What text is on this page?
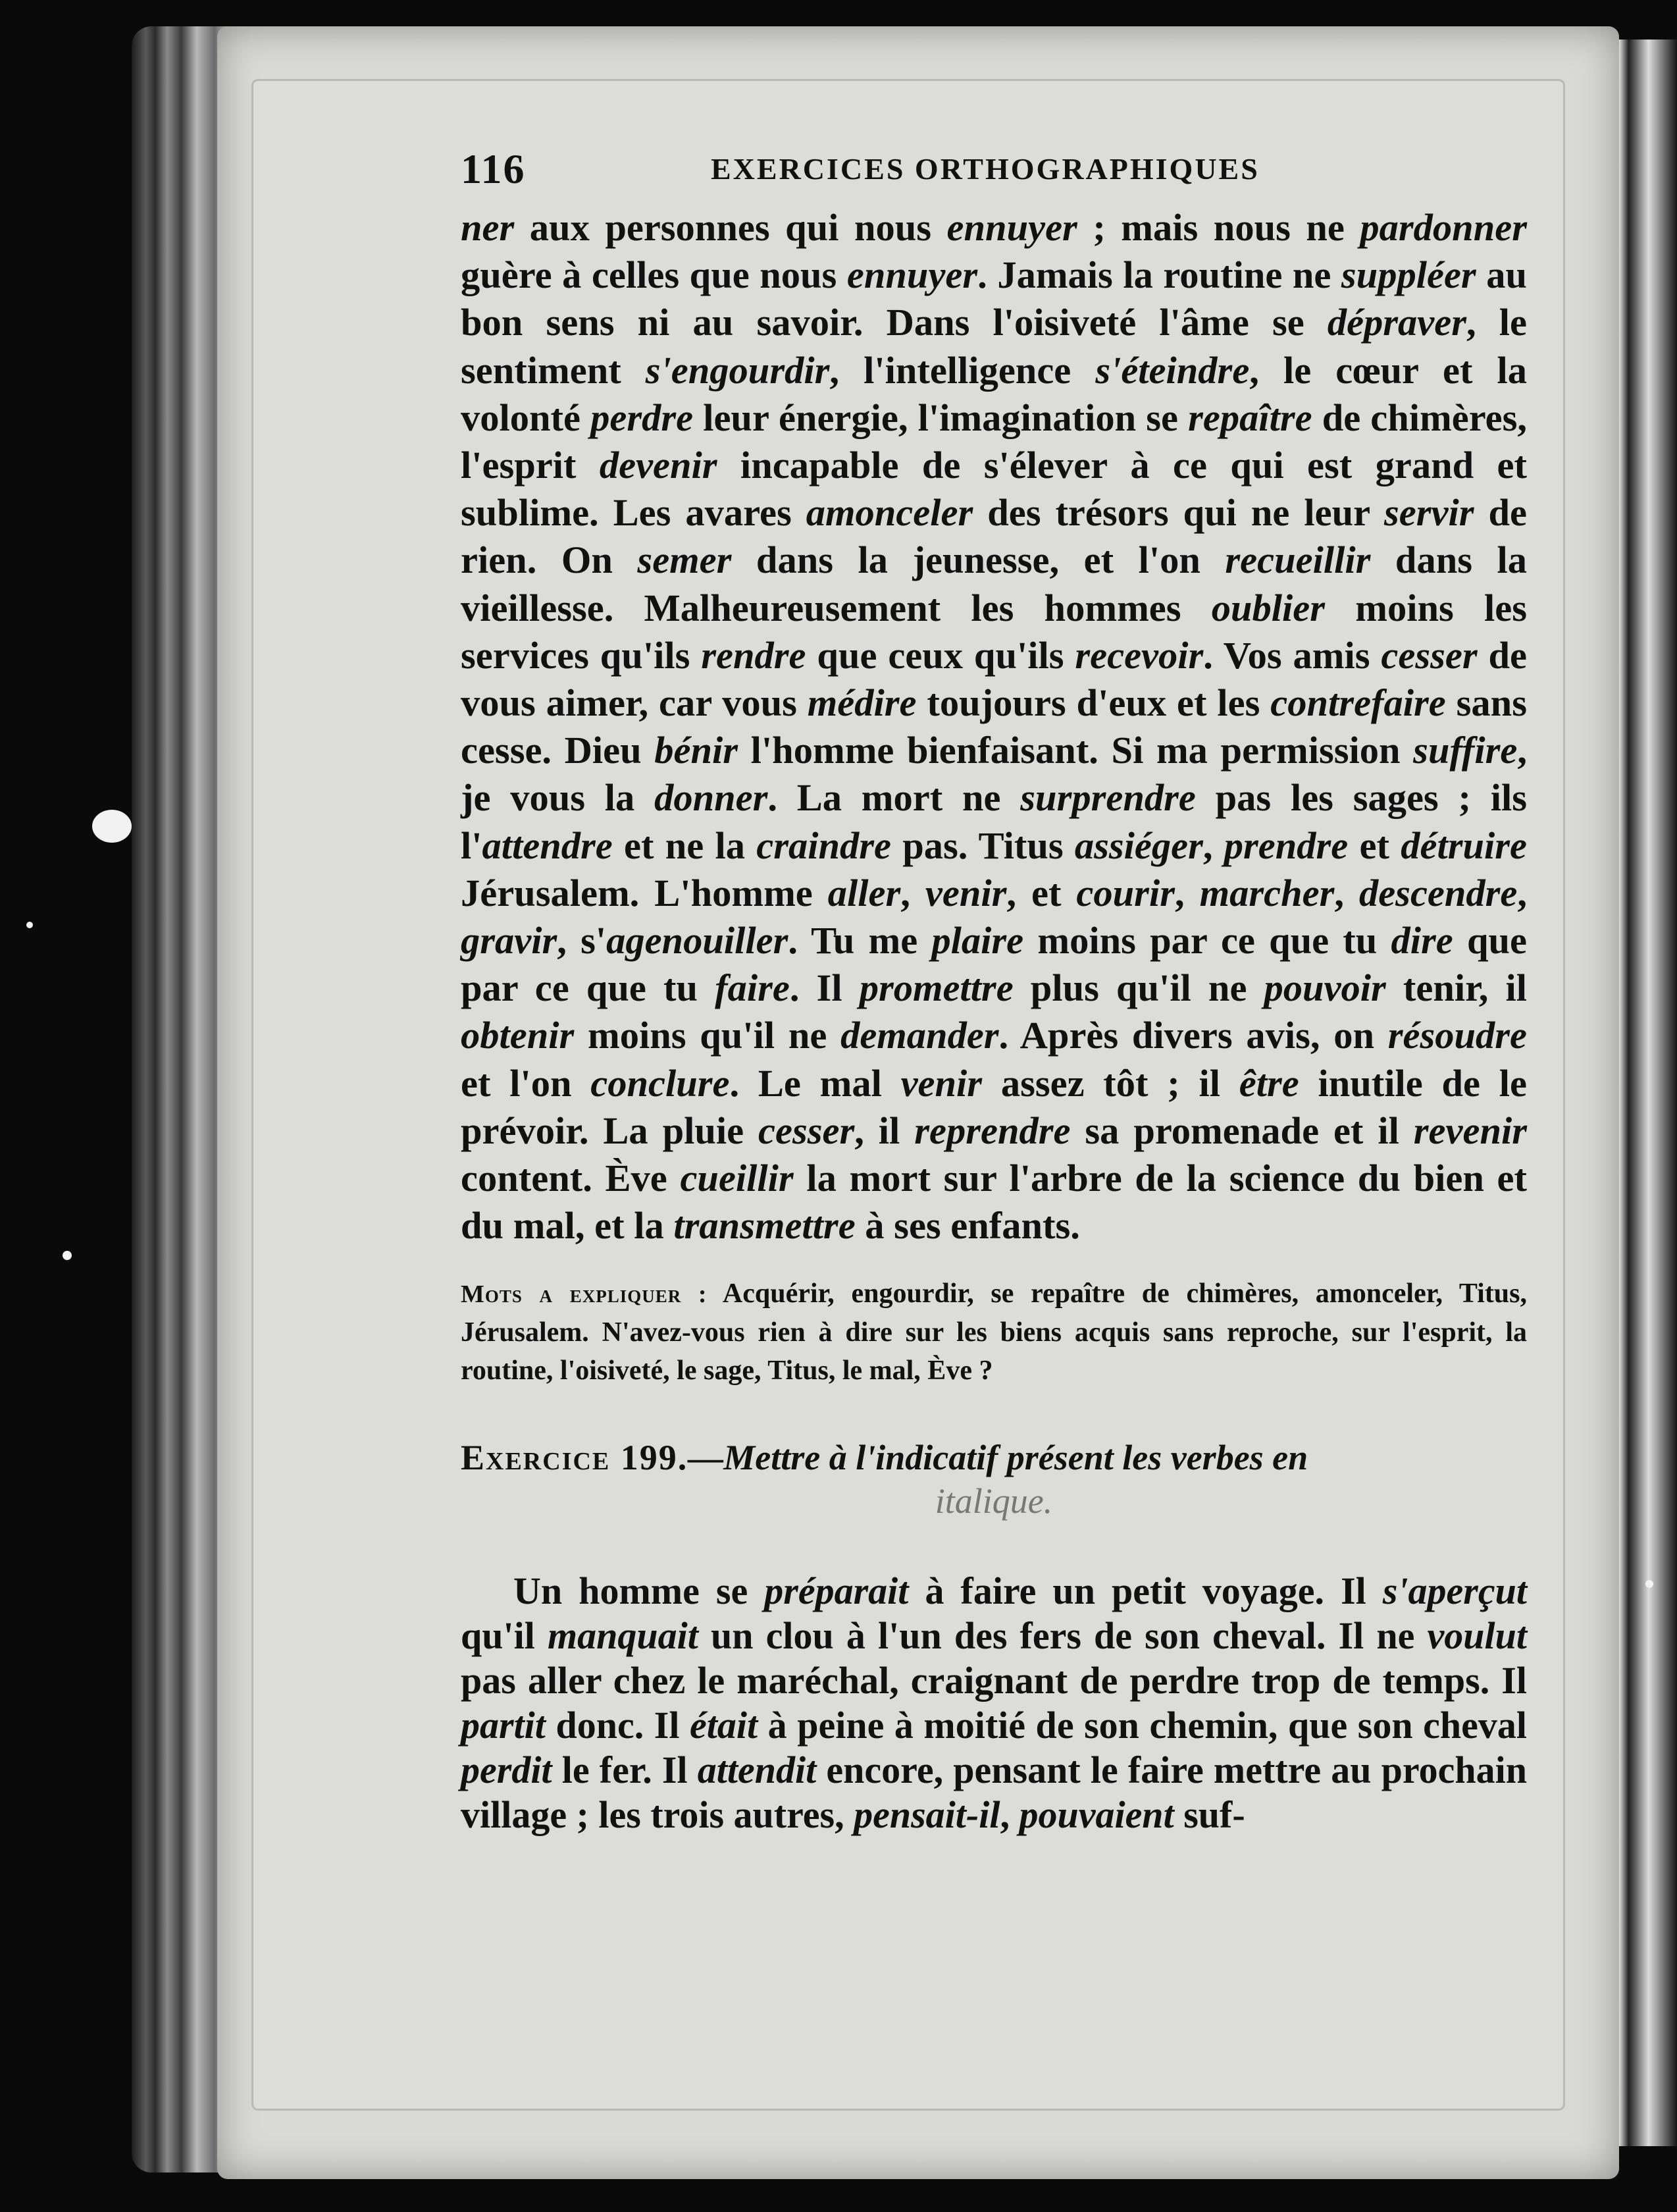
116	EXERCICES ORTHOGRAPHIQUES

ner aux personnes qui nous ennuyer ; mais nous ne pardonner guère à celles que nous ennuyer. Jamais la routine ne suppléer au bon sens ni au savoir. Dans l'oisiveté l'âme se dépraver, le sentiment s'engourdir, l'intelligence s'éteindre, le cœur et la volonté perdre leur énergie, l'imagination se repaître de chimères, l'esprit devenir incapable de s'élever à ce qui est grand et sublime. Les avares amonceler des trésors qui ne leur servir de rien. On semer dans la jeunesse, et l'on recueillir dans la vieillesse. Malheureusement les hommes oublier moins les services qu'ils rendre que ceux qu'ils recevoir. Vos amis cesser de vous aimer, car vous médire toujours d'eux et les contrefaire sans cesse. Dieu bénir l'homme bienfaisant. Si ma permission suffire, je vous la donner. La mort ne surprendre pas les sages ; ils l'attendre et ne la craindre pas. Titus assiéger, prendre et détruire Jérusalem. L'homme aller, venir, et courir, marcher, descendre, gravir, s'agenouiller. Tu me plaire moins par ce que tu dire que par ce que tu faire. Il promettre plus qu'il ne pouvoir tenir, il obtenir moins qu'il ne demander. Après divers avis, on résoudre et l'on conclure. Le mal venir assez tôt ; il être inutile de le prévoir. La pluie cesser, il reprendre sa promenade et il revenir content. Ève cueillir la mort sur l'arbre de la science du bien et du mal, et la transmettre à ses enfants.

Mots a expliquer : Acquérir, engourdir, se repaître de chimères, amonceler, Titus, Jérusalem. N'avez-vous rien à dire sur les biens acquis sans reproche, sur l'esprit, la routine, l'oisiveté, le sage, Titus, le mal, Ève ?

Exercice 199.—Mettre à l'indicatif présent les verbes en
italique.

Un homme se préparait à faire un petit voyage. Il s'aperçut qu'il manquait un clou à l'un des fers de son cheval. Il ne voulut pas aller chez le maréchal, craignant de perdre trop de temps. Il partit donc. Il était à peine à moitié de son chemin, que son cheval perdit le fer. Il attendit encore, pensant le faire mettre au prochain village ; les trois autres, pensait-il, pouvaient suf-
